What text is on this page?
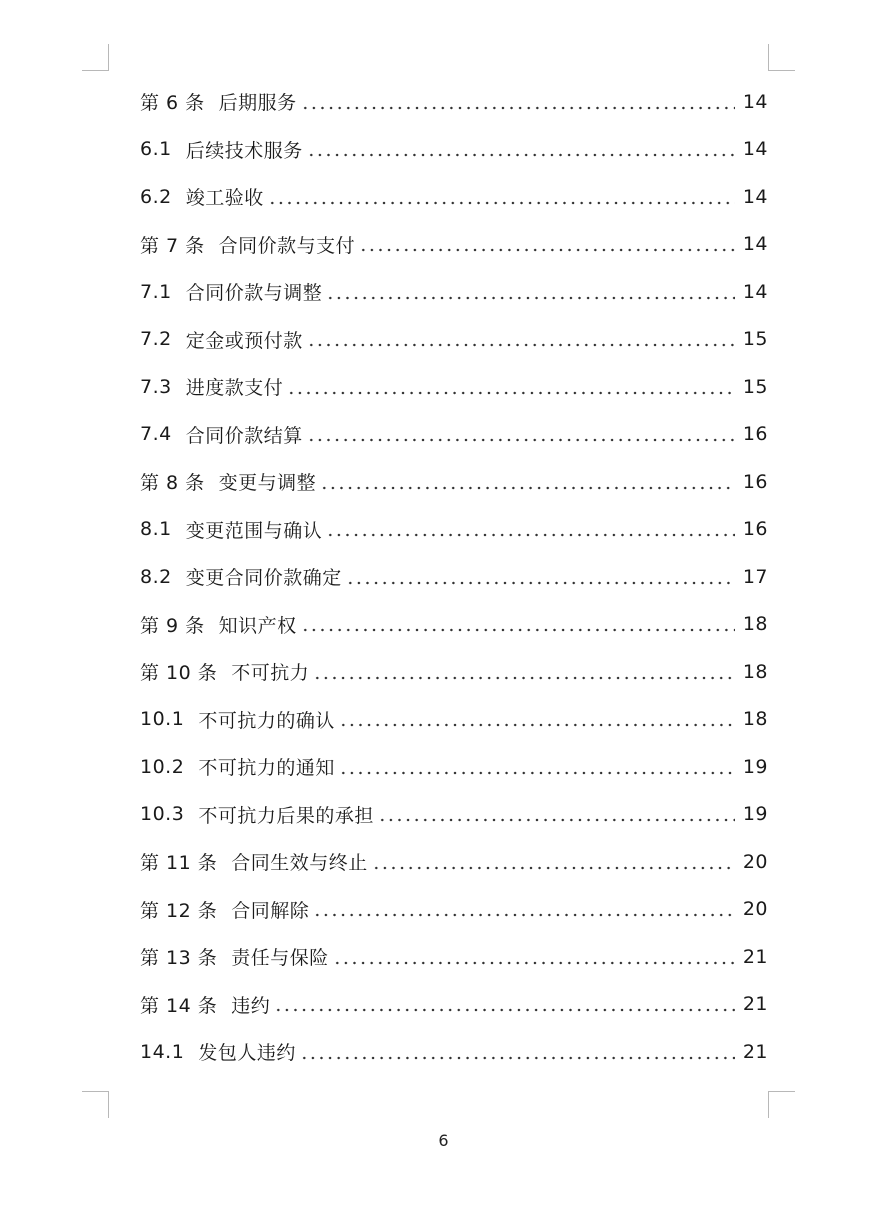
第 6 条 后期服务	14
6.1 后续技术服务	14
6.2 竣工验收	14
第 7 条 合同价款与支付	14
7.1 合同价款与调整	14
7.2 定金或预付款	15
7.3 进度款支付	15
7.4 合同价款结算	16
第 8 条 变更与调整	16
8.1 变更范围与确认	16
8.2 变更合同价款确定	17
第 9 条 知识产权	18
第 10 条 不可抗力	18
10.1 不可抗力的确认	18
10.2 不可抗力的通知	19
10.3 不可抗力后果的承担	19
第 11 条 合同生效与终止	20
第 12 条 合同解除	20
第 13 条 责任与保险	21
第 14 条 违约	21
14.1 发包人违约	21
6
